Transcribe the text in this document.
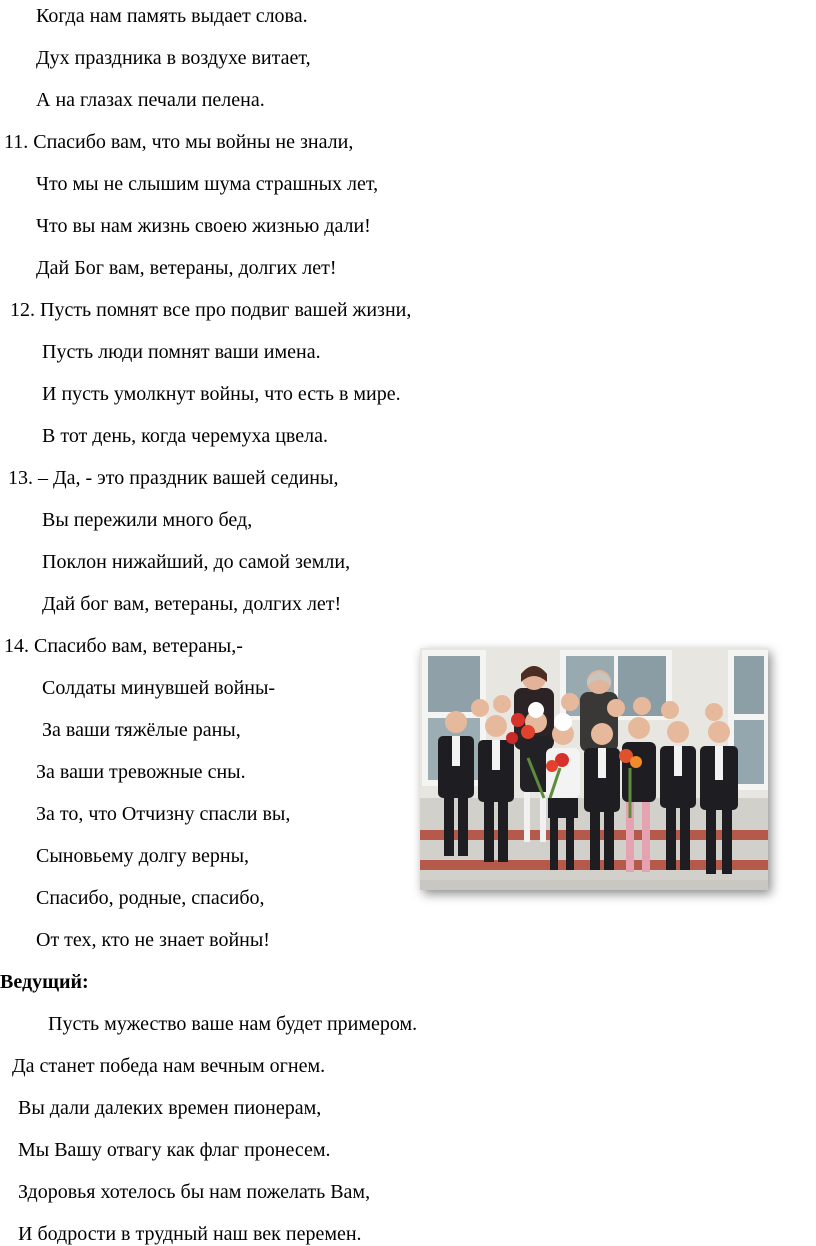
Когда нам память выдает слова.
Дух праздника в воздухе витает,
А на глазах печали пелена.
11. Спасибо вам, что мы войны не знали,
Что мы не слышим шума страшных лет,
Что вы нам жизнь своею жизнью дали!
Дай Бог вам, ветераны, долгих лет!
12. Пусть помнят все про подвиг вашей жизни,
Пусть люди помнят ваши имена.
И пусть умолкнут войны, что есть в мире.
В тот день, когда черемуха цвела.
13. – Да, - это праздник вашей седины,
Вы пережили много бед,
Поклон нижайший, до самой земли,
Дай бог вам, ветераны, долгих лет!
14. Спасибо вам, ветераны,-
Солдаты минувшей войны-
За ваши тяжёлые раны,
За ваши тревожные сны.
За то, что Отчизну спасли вы,
Сыновьему долгу верны,
Спасибо, родные, спасибо,
От тех, кто не знает войны!
Ведущий:
Пусть мужество ваше нам будет примером.
Да станет победа нам вечным огнем.
Вы дали далеких времен пионерам,
Мы Вашу отвагу как флаг пронесем.
Здоровья хотелось бы нам пожелать Вам,
И бодрости в трудный наш век перемен.
